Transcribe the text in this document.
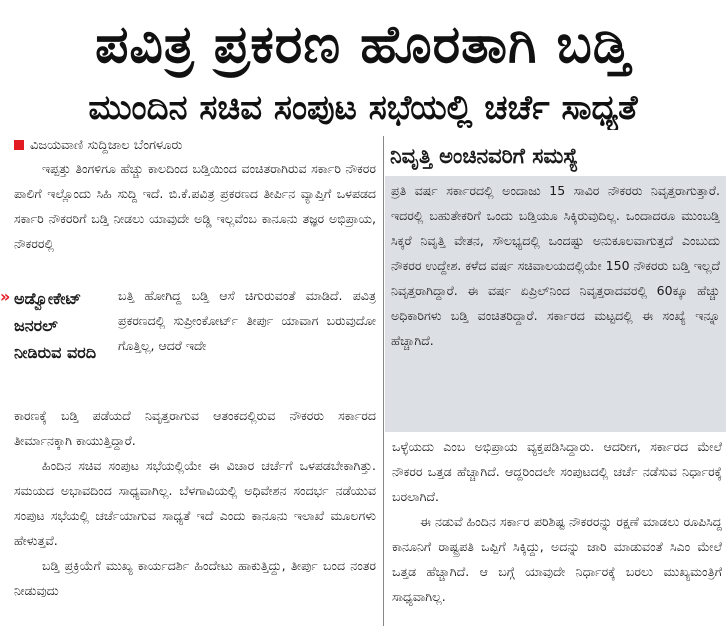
ಪವಿತ್ರ ಪ್ರಕರಣ ಹೊರತಾಗಿ ಬಡ್ತಿ
ಮುಂದಿನ ಸಚಿವ ಸಂಪುಟ ಸಭೆಯಲ್ಲಿ ಚರ್ಚೆ ಸಾಧ್ಯತೆ
ವಿಜಯವಾಣಿ ಸುದ್ದಿಜಾಲ ಬೆಂಗಳೂರು

ಇಪ್ಪತ್ತು ತಿಂಗಳಿಗೂ ಹೆಚ್ಚು ಕಾಲದಿಂದ ಬಡ್ತಿಯಿಂದ ವಂಚಿತರಾಗಿರುವ ಸರ್ಕಾರಿ ನೌಕರರ ಪಾಲಿಗೆ ಇಲ್ಲೊಂದು ಸಿಹಿ ಸುದ್ದಿ ಇದೆ. ಬಿ.ಕೆ.ಪವಿತ್ರ ಪ್ರಕರಣದ ತೀರ್ಪಿನ ವ್ಯಾಪ್ತಿಗೆ ಒಳಪಡದ ಸರ್ಕಾರಿ ನೌಕರರಿಗೆ ಬಡ್ತಿ ನೀಡಲು ಯಾವುದೇ ಅಡ್ಡಿ ಇಲ್ಲವೆಂಬ ಕಾನೂನು ತಜ್ಞರ ಅಭಿಪ್ರಾಯ, ನೌಕರರಲ್ಲಿ

» ಅಡ್ವೋಕೇಟ್ ಜನರಲ್ ನೀಡಿರುವ ವರದಿ

ಬತ್ತಿ ಹೋಗಿದ್ದ ಬಡ್ತಿ ಆಸೆ ಚಿಗುರುವಂತೆ ಮಾಡಿದೆ. ಪವಿತ್ರ ಪ್ರಕರಣದಲ್ಲಿ ಸುಪ್ರೀಂಕೋರ್ಟ್ ತೀರ್ಪು ಯಾವಾಗ ಬರುವುದೋ ಗೊತ್ತಿಲ್ಲ, ಆದರೆ ಇದೇ

ಕಾರಣಕ್ಕೆ ಬಡ್ತಿ ಪಡೆಯದೆ ನಿವೃತ್ತರಾಗುವ ಆತಂಕದಲ್ಲಿರುವ ನೌಕರರು ಸರ್ಕಾರದ ತೀರ್ಮಾನಕ್ಕಾಗಿ ಕಾಯುತ್ತಿದ್ದಾರೆ.

ಹಿಂದಿನ ಸಚಿವ ಸಂಪುಟ ಸಭೆಯಲ್ಲಿಯೇ ಈ ವಿಚಾರ ಚರ್ಚೆಗೆ ಒಳಪಡಬೇಕಾಗಿತ್ತು. ಸಮಯದ ಅಭಾವದಿಂದ ಸಾಧ್ಯವಾಗಿಲ್ಲ. ಬೆಳಗಾವಿಯಲ್ಲಿ ಅಧಿವೇಶನ ಸಂದರ್ಭ ನಡೆಯುವ ಸಂಪುಟ ಸಭೆಯಲ್ಲಿ ಚರ್ಚೆಯಾಗುವ ಸಾಧ್ಯತೆ ಇದೆ ಎಂದು ಕಾನೂನು ಇಲಾಖೆ ಮೂಲಗಳು ಹೇಳುತ್ತವೆ.

ಬಡ್ತಿ ಪ್ರಕ್ರಿಯೆಗೆ ಮುಖ್ಯ ಕಾರ್ಯದರ್ಶಿ ಹಿಂದೇಟು ಹಾಕುತ್ತಿದ್ದು, ತೀರ್ಪು ಬಂದ ನಂತರ ನೀಡುವುದು

ನಿವೃತ್ತಿ ಅಂಚಿನವರಿಗೆ ಸಮಸ್ಯೆ

ಪ್ರತಿ ವರ್ಷ ಸರ್ಕಾರದಲ್ಲಿ ಅಂದಾಜು 15 ಸಾವಿರ ನೌಕರರು ನಿವೃತ್ತರಾಗುತ್ತಾರೆ. ಇದರಲ್ಲಿ ಬಹುತೇಕರಿಗೆ ಒಂದು ಬಡ್ತಿಯೂ ಸಿಕ್ಕಿರುವುದಿಲ್ಲ. ಒಂದಾದರೂ ಮುಂಬಡ್ತಿ ಸಿಕ್ಕರೆ ನಿವೃತ್ತಿ ವೇತನ, ಸೌಲಭ್ಯದಲ್ಲಿ ಒಂದಷ್ಟು ಅನುಕೂಲವಾಗುತ್ತದೆ ಎಂಬುದು ನೌಕರರ ಉದ್ದೇಶ. ಕಳೆದ ವರ್ಷ ಸಚಿವಾಲಯದಲ್ಲಿಯೇ 150 ನೌಕರರು ಬಡ್ತಿ ಇಲ್ಲದೆ ನಿವೃತ್ತರಾಗಿದ್ದಾರೆ. ಈ ವರ್ಷ ಏಪ್ರಿಲ್‌ನಿಂದ ನಿವೃತ್ತರಾದವರಲ್ಲಿ 60ಕ್ಕೂ ಹೆಚ್ಚು ಅಧಿಕಾರಿಗಳು ಬಡ್ತಿ ವಂಚಿತರಿದ್ದಾರೆ. ಸರ್ಕಾರದ ಮಟ್ಟದಲ್ಲಿ ಈ ಸಂಖ್ಯೆ ಇನ್ನೂ ಹೆಚ್ಚಾಗಿದೆ.

ಒಳ್ಳೆಯದು ಎಂಬ ಅಭಿಪ್ರಾಯ ವ್ಯಕ್ತಪಡಿಸಿದ್ದಾರು. ಆದರೀಗ, ಸರ್ಕಾರದ ಮೇಲೆ ನೌಕರರ ಒತ್ತಡ ಹೆಚ್ಚಾಗಿದೆ. ಆದ್ದರಿಂದಲೇ ಸಂಪುಟದಲ್ಲಿ ಚರ್ಚೆ ನಡೆಸುವ ನಿರ್ಧಾರಕ್ಕೆ ಬರಲಾಗಿದೆ.

ಈ ನಡುವೆ ಹಿಂದಿನ ಸರ್ಕಾರ ಪರಿಶಿಷ್ಟ ನೌಕರರನ್ನು ರಕ್ಷಣೆ ಮಾಡಲು ರೂಪಿಸಿದ್ದ ಕಾನೂನಿಗೆ ರಾಷ್ಟ್ರಪತಿ ಒಪ್ಪಿಗೆ ಸಿಕ್ಕಿದ್ದು, ಅದನ್ನು ಜಾರಿ ಮಾಡುವಂತೆ ಸಿಎಂ ಮೇಲೆ ಒತ್ತಡ ಹೆಚ್ಚಾಗಿದೆ. ಆ ಬಗ್ಗೆ ಯಾವುದೇ ನಿರ್ಧಾರಕ್ಕೆ ಬರಲು ಮುಖ್ಯಮಂತ್ರಿಗೆ ಸಾಧ್ಯವಾಗಿಲ್ಲ.
